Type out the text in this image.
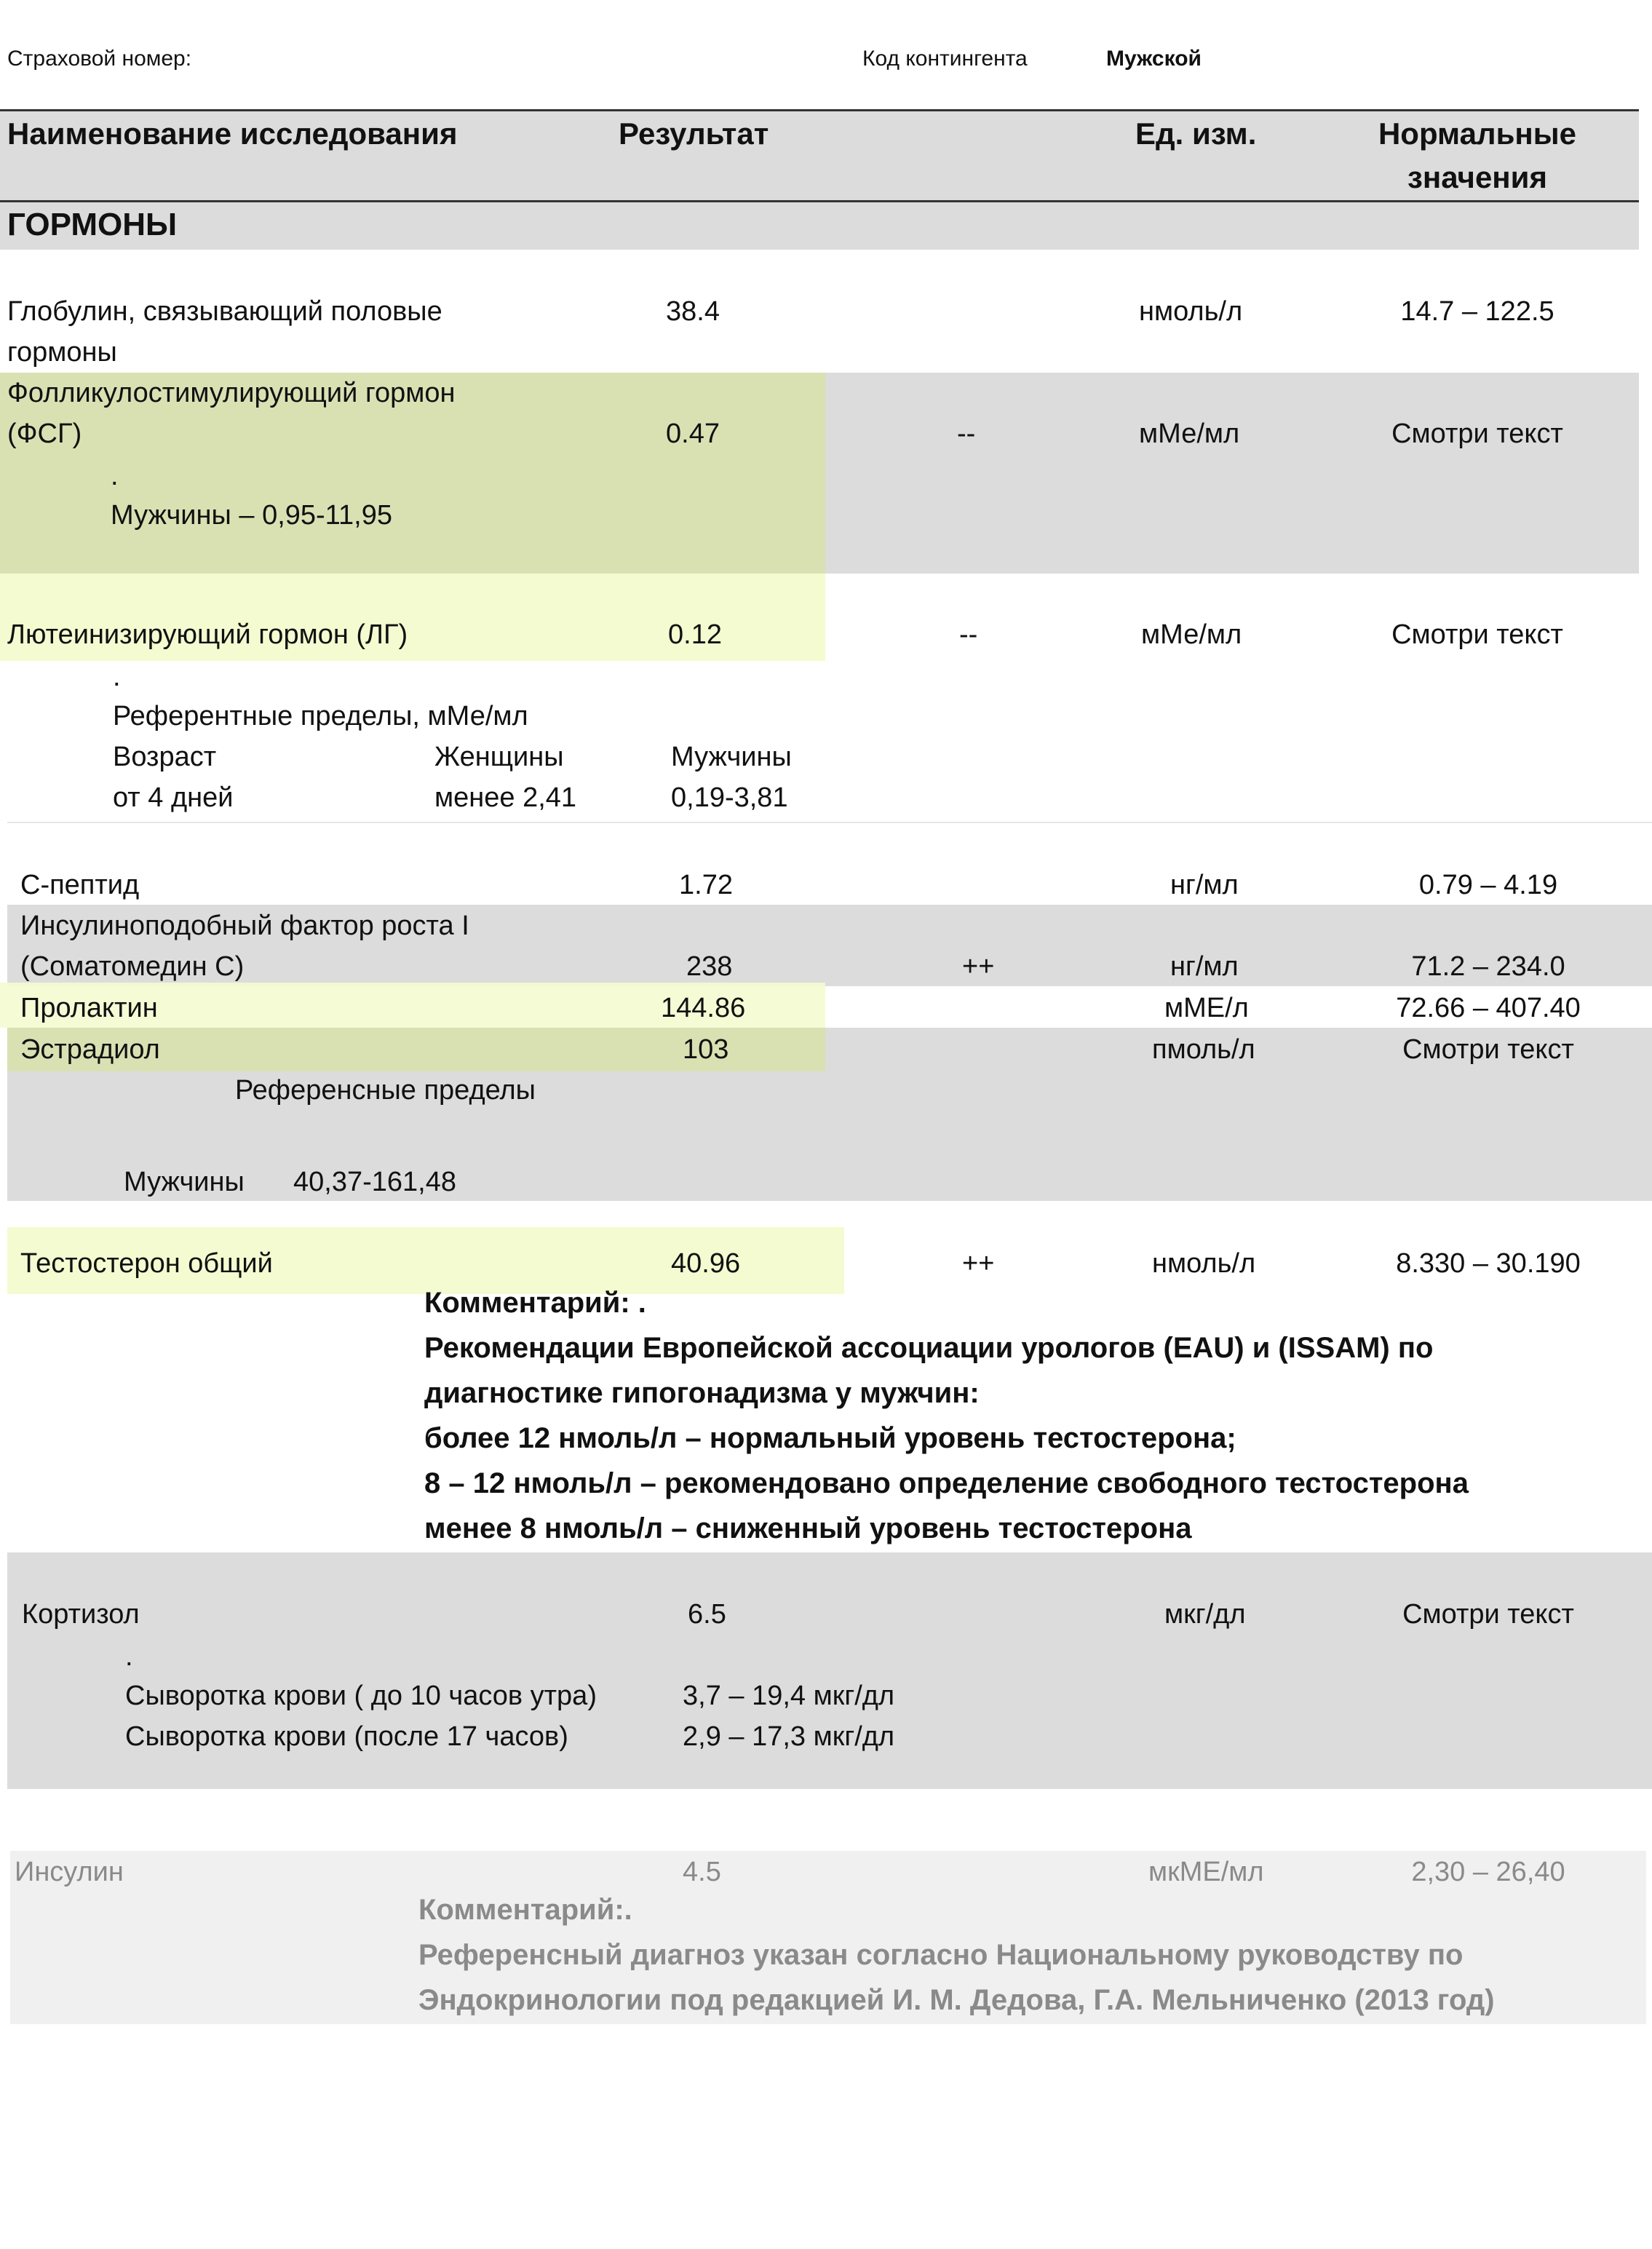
Страховой номер:	Код контингента	Мужской
Наименование исследования	Результат	Ед. изм.	Нормальные
значения
ГОРМОНЫ
Глобулин, связывающий половые
гормоны
38.4	нмоль/л	14.7 – 122.5
Фолликулостимулирующий гормон
(ФСГ)	0.47	--	мМе/мл	Смотри текст
.
Мужчины – 0,95-11,95
Лютеинизирующий гормон (ЛГ)	0.12	--	мМе/мл	Смотри текст
.
Референтные пределы, мМе/мл
Возраст	Женщины	Мужчины
от 4 дней	менее 2,41	0,19-3,81
С-пептид	1.72	нг/мл	0.79 – 4.19
Инсулиноподобный фактор роста I
(Соматомедин С)	238	++	нг/мл	71.2 – 234.0
Пролактин	144.86	мМЕ/л	72.66 – 407.40
Эстрадиол	103	пмоль/л	Смотри текст
Референсные пределы
Мужчины 40,37-161,48
Тестостерон общий	40.96	++	нмоль/л	8.330 – 30.190
Комментарий: .
Рекомендации Европейской ассоциации урологов (EAU) и (ISSAM) по
диагностике гипогонадизма у мужчин:
более 12 нмоль/л – нормальный уровень тестостерона;
8 – 12 нмоль/л – рекомендовано определение свободного тестостерона
менее 8 нмоль/л – сниженный уровень тестостерона
Кортизол	6.5	мкг/дл	Смотри текст
.
Сыворотка крови ( до 10 часов утра)	3,7 – 19,4 мкг/дл
Сыворотка крови (после 17 часов)	2,9 – 17,3 мкг/дл
Инсулин	4.5	мкМЕ/мл	2,30 – 26,40
Комментарий:.
Референсный диагноз указан согласно Национальному руководству по
Эндокринологии под редакцией И. М. Дедова, Г.А. Мельниченко (2013 год)
